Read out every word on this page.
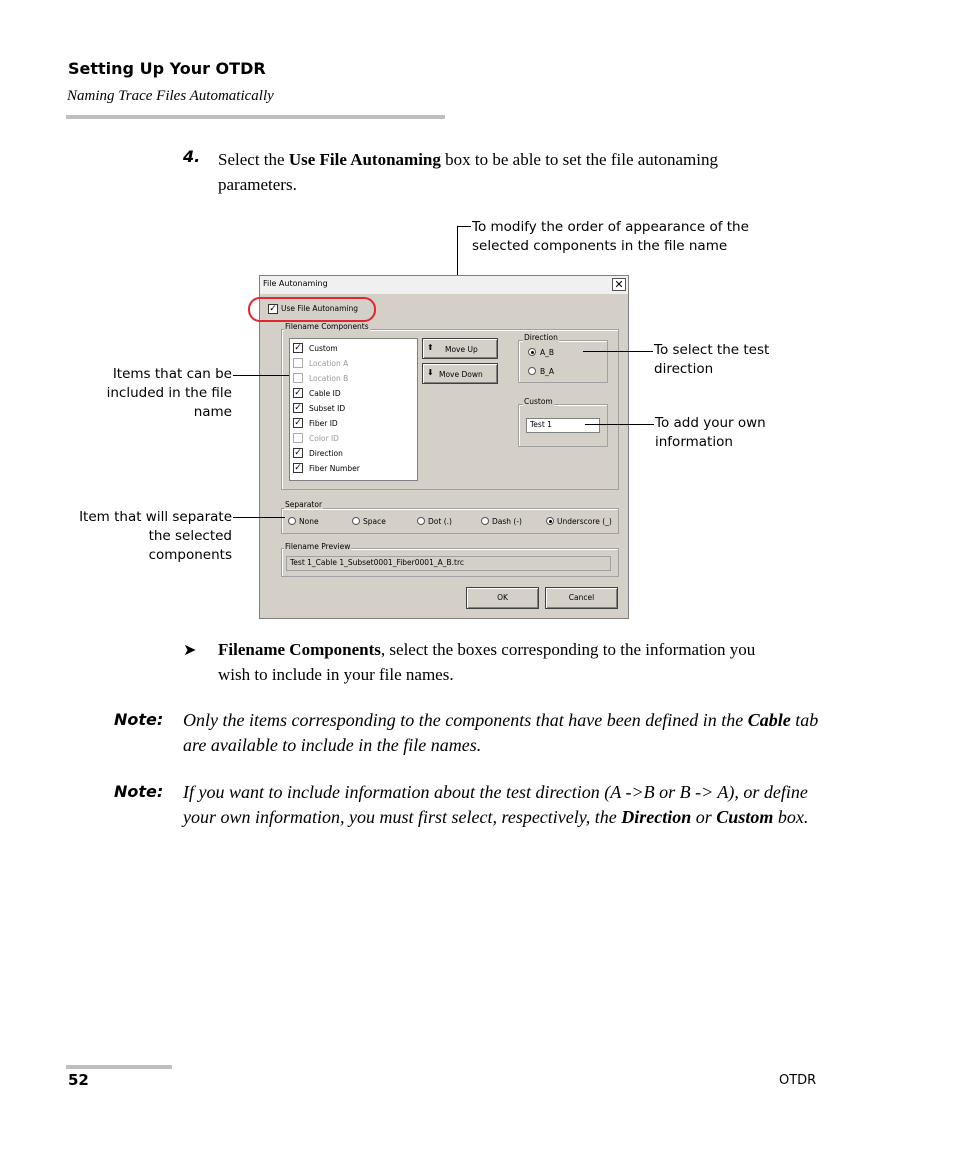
Setting Up Your OTDR
Naming Trace Files Automatically
4. Select the Use File Autonaming box to be able to set the file autonaming parameters.
To modify the order of appearance of the selected components in the file name
File Autonaming	✕
✓ Use File Autonaming
Filename Components
✓ Custom
Location A
Location B
✓ Cable ID
✓ Subset ID
✓ Fiber ID
Color ID
✓ Direction
✓ Fiber Number
⬆ Move Up
⬇ Move Down
Direction
A_B
B_A
Custom
Test 1
Separator
None	Space	Dot (.)	Dash (-)	Underscore (_)
Filename Preview
Test 1_Cable 1_Subset0001_Fiber0001_A_B.trc
OK	Cancel
Items that can be included in the file name
Item that will separate the selected components
To select the test direction
To add your own information
➤ Filename Components, select the boxes corresponding to the information you wish to include in your file names.
Note: Only the items corresponding to the components that have been defined in the Cable tab are available to include in the file names.
Note: If you want to include information about the test direction (A ->B or B -> A), or define your own information, you must first select, respectively, the Direction or Custom box.
52	OTDR
